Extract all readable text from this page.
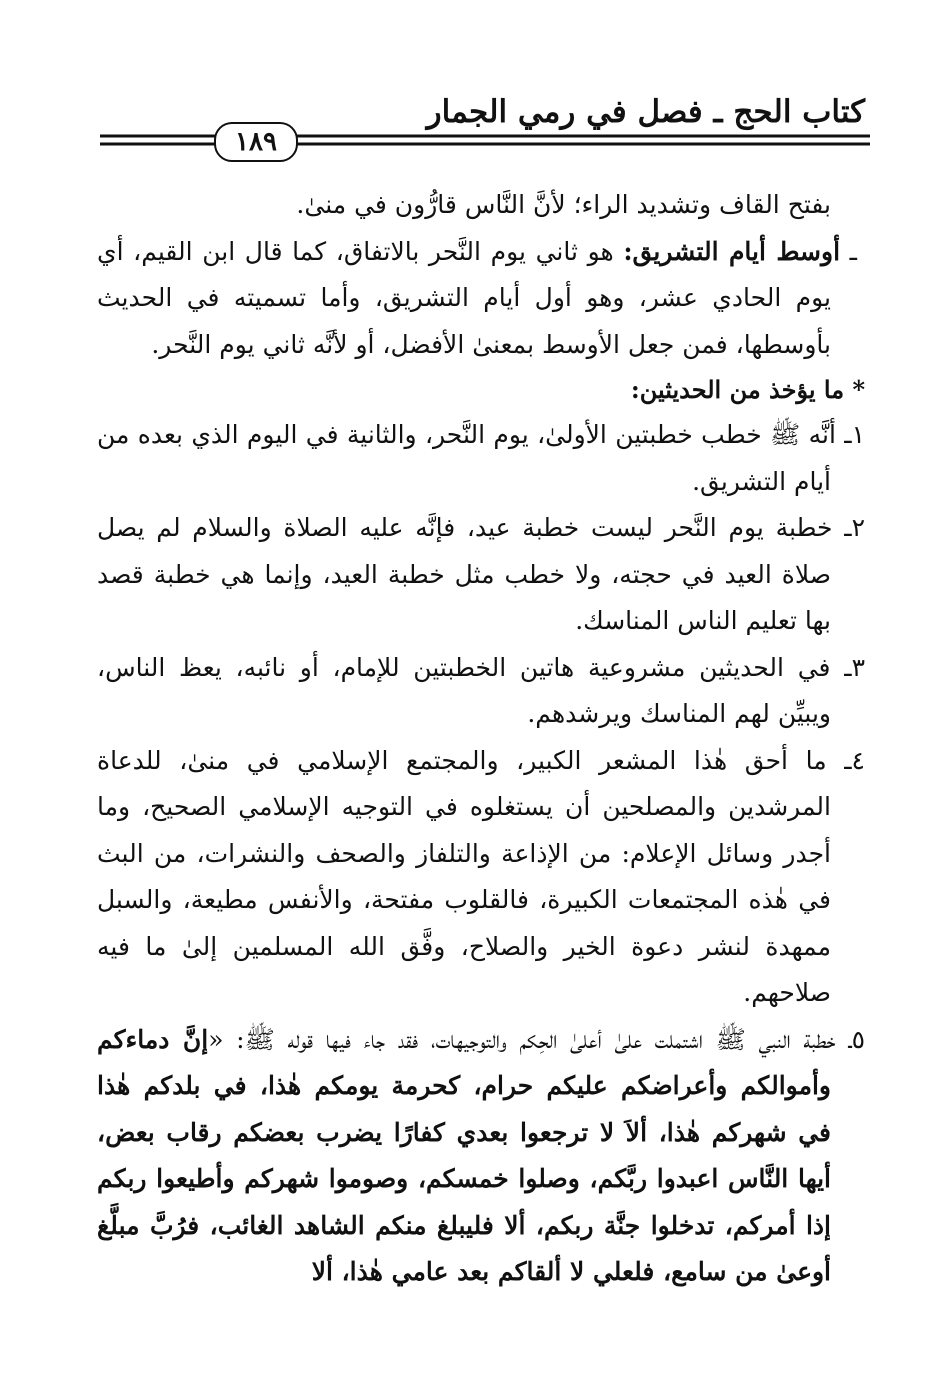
كتاب الحج ـ فصل في رمي الجمار
١٨٩

بفتح القاف وتشديد الراء؛ لأنَّ النَّاس قارُّون في منىٰ.

ـ أوسط أيام التشريق: هو ثاني يوم النَّحر بالاتفاق، كما قال ابن القيم، أي يوم الحادي عشر، وهو أول أيام التشريق، وأما تسميته في الحديث بأوسطها، فمن جعل الأوسط بمعنىٰ الأفضل، أو لأنَّه ثاني يوم النَّحر.

* ما يؤخذ من الحديثين:

١ـ أنَّه ﷺ خطب خطبتين الأولىٰ، يوم النَّحر، والثانية في اليوم الذي بعده من أيام التشريق.

٢ـ خطبة يوم النَّحر ليست خطبة عيد، فإنَّه عليه الصلاة والسلام لم يصل صلاة العيد في حجته، ولا خطب مثل خطبة العيد، وإنما هي خطبة قصد بها تعليم الناس المناسك.

٣ـ في الحديثين مشروعية هاتين الخطبتين للإمام، أو نائبه، يعظ الناس، ويبيِّن لهم المناسك ويرشدهم.

٤ـ ما أحق هٰذا المشعر الكبير، والمجتمع الإسلامي في منىٰ، للدعاة المرشدين والمصلحين أن يستغلوه في التوجيه الإسلامي الصحيح، وما أجدر وسائل الإعلام: من الإذاعة والتلفاز والصحف والنشرات، من البث في هٰذه المجتمعات الكبيرة، فالقلوب مفتحة، والأنفس مطيعة، والسبل ممهدة لنشر دعوة الخير والصلاح، وفَّق الله المسلمين إلىٰ ما فيه صلاحهم.

٥ـ خطبة النبي ﷺ اشتملت علىٰ أعلىٰ الحِكم والتوجيهات، فقد جاء فيها قوله ﷺ: «إنَّ دماءكم وأموالكم وأعراضكم عليكم حرام، كحرمة يومكم هٰذا، في بلدكم هٰذا في شهركم هٰذا، ألاَ لا ترجعوا بعدي كفارًا يضرب بعضكم رقاب بعض، أيها النَّاس اعبدوا ربَّكم، وصلوا خمسكم، وصوموا شهركم وأطيعوا ربكم إذا أمركم، تدخلوا جنَّة ربكم، ألا فليبلغ منكم الشاهد الغائب، فرُبَّ مبلَّغ أوعىٰ من سامع، فلعلي لا ألقاكم بعد عامي هٰذا، ألا
